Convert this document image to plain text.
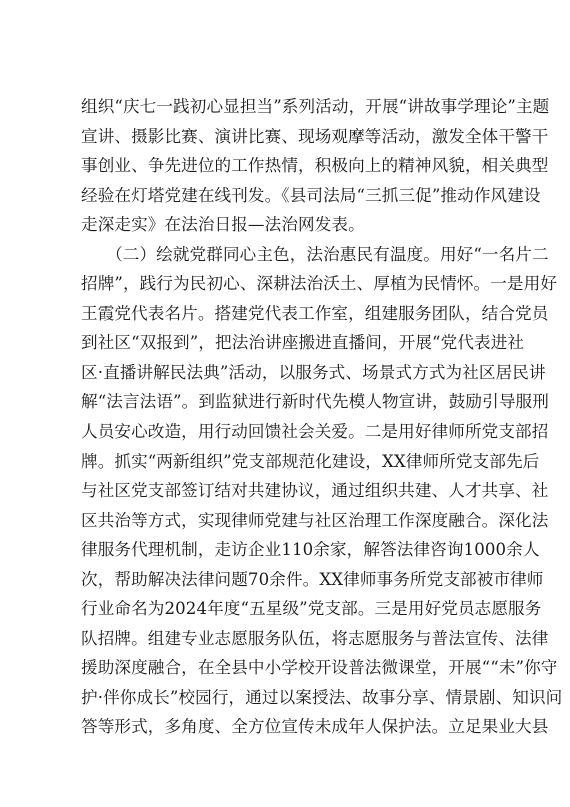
组织“庆七一践初心显担当”系列活动，开展“讲故事学理论”主题
宣讲、摄影比赛、演讲比赛、现场观摩等活动，激发全体干警干
事创业、争先进位的工作热情，积极向上的精神风貌，相关典型
经验在灯塔党建在线刊发。《县司法局“三抓三促”推动作风建设
走深走实》在法治日报—法治网发表。
　　（二）绘就党群同心主色，法治惠民有温度。用好“一名片二
招牌”，践行为民初心、深耕法治沃土、厚植为民情怀。一是用好
王霞党代表名片。搭建党代表工作室，组建服务团队，结合党员
到社区“双报到”，把法治讲座搬进直播间，开展“党代表进社
区·直播讲解民法典”活动，以服务式、场景式方式为社区居民讲
解“法言法语”。到监狱进行新时代先模人物宣讲，鼓励引导服刑
人员安心改造，用行动回馈社会关爱。二是用好律师所党支部招
牌。抓实“两新组织”党支部规范化建设，XX律师所党支部先后
与社区党支部签订结对共建协议，通过组织共建、人才共享、社
区共治等方式，实现律师党建与社区治理工作深度融合。深化法
律服务代理机制，走访企业110余家，解答法律咨询1000余人
次，帮助解决法律问题70余件。XX律师事务所党支部被市律师
行业命名为2024年度“五星级”党支部。三是用好党员志愿服务
队招牌。组建专业志愿服务队伍，将志愿服务与普法宣传、法律
援助深度融合，在全县中小学校开设普法微课堂，开展““未”你守
护·伴你成长”校园行，通过以案授法、故事分享、情景剧、知识问
答等形式，多角度、全方位宣传未成年人保护法。立足果业大县
